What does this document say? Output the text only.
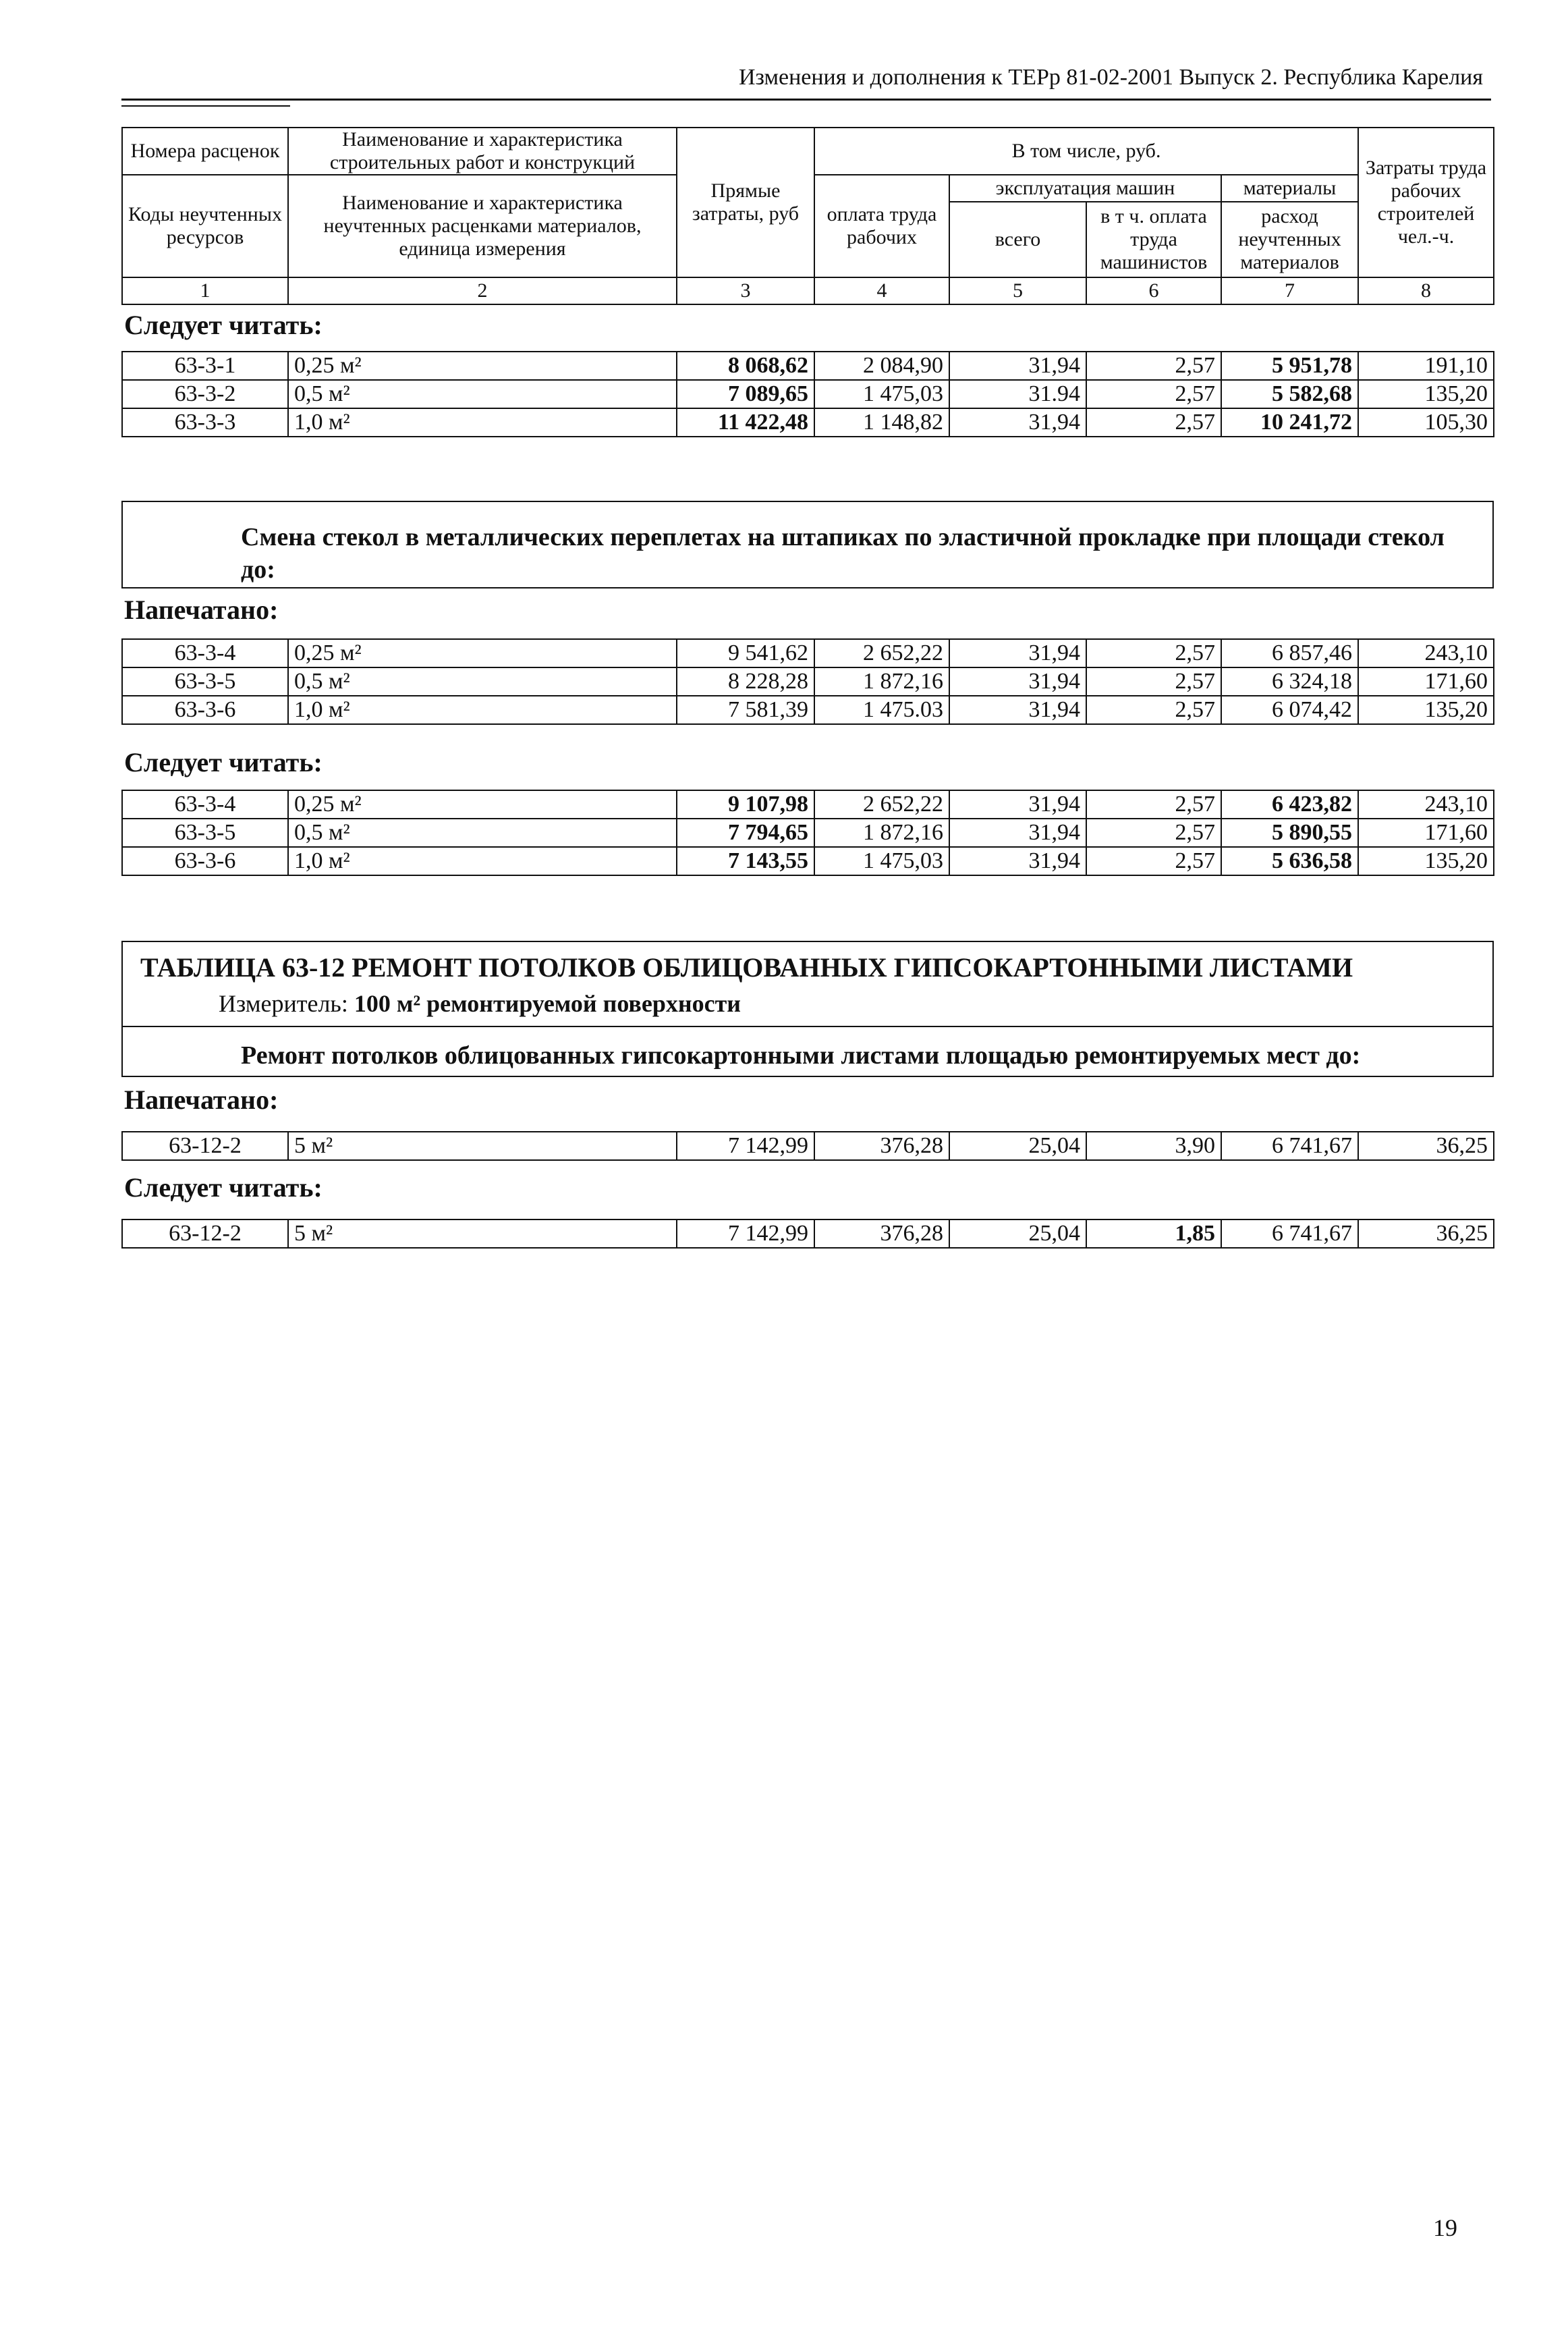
Изменения и дополнения к ТЕРр 81-02-2001 Выпуск 2. Республика Карелия
Номера расценок	Наименование и характеристика строительных работ и конструкций	Прямые затраты, руб	В том числе, руб.				Затраты труда рабочих строителей чел.-ч.
Коды неучтенных ресурсов	Наименование и характеристика неучтенных расценками материалов, единица измерения		оплата труда рабочих	эксплуатация машин		материалы	
				всего	в т ч. оплата труда машинистов	расход неучтенных материалов	
1	2	3	4	5	6	7	8
Следует читать:
63-3-1	0,25 м²	8 068,62	2 084,90	31,94	2,57	5 951,78	191,10
63-3-2	0,5 м²	7 089,65	1 475,03	31.94	2,57	5 582,68	135,20
63-3-3	1,0 м²	11 422,48	1 148,82	31,94	2,57	10 241,72	105,30
Смена стекол в металлических переплетах на штапиках по эластичной прокладке при площади стекол до:
Напечатано:
63-3-4	0,25 м²	9 541,62	2 652,22	31,94	2,57	6 857,46	243,10
63-3-5	0,5 м²	8 228,28	1 872,16	31,94	2,57	6 324,18	171,60
63-3-6	1,0 м²	7 581,39	1 475.03	31,94	2,57	6 074,42	135,20
Следует читать:
63-3-4	0,25 м²	9 107,98	2 652,22	31,94	2,57	6 423,82	243,10
63-3-5	0,5 м²	7 794,65	1 872,16	31,94	2,57	5 890,55	171,60
63-3-6	1,0 м²	7 143,55	1 475,03	31,94	2,57	5 636,58	135,20
ТАБЛИЦА 63-12 РЕМОНТ ПОТОЛКОВ ОБЛИЦОВАННЫХ ГИПСОКАРТОННЫМИ ЛИСТАМИ
Измеритель: 100 м² ремонтируемой поверхности
Ремонт потолков облицованных гипсокартонными листами площадью ремонтируемых мест до:
Напечатано:
63-12-2	5 м²	7 142,99	376,28	25,04	3,90	6 741,67	36,25
Следует читать:
63-12-2	5 м²	7 142,99	376,28	25,04	1,85	6 741,67	36,25
19
